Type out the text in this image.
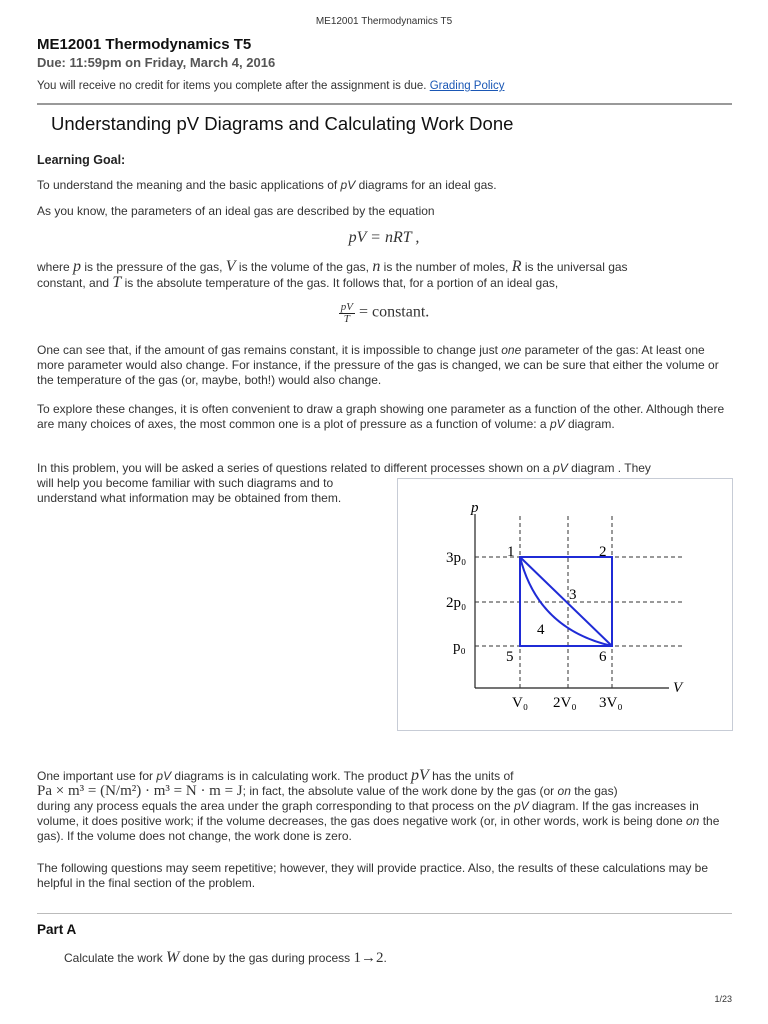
ME12001 Thermodynamics T5
ME12001 Thermodynamics T5
Due: 11:59pm on Friday, March 4, 2016
You will receive no credit for items you complete after the assignment is due. Grading Policy
Understanding pV Diagrams and Calculating Work Done
Learning Goal:
To understand the meaning and the basic applications of pV diagrams for an ideal gas.
As you know, the parameters of an ideal gas are described by the equation
pV = nRT ,
where p is the pressure of the gas, V is the volume of the gas, n is the number of moles, R is the universal gas
constant, and T is the absolute temperature of the gas. It follows that, for a portion of an ideal gas,
$\frac{pV}{T}$ = constant.
One can see that, if the amount of gas remains constant, it is impossible to change just one parameter of the gas: At least one more parameter would also change. For instance, if the pressure of the gas is changed, we can be sure that either the volume or the temperature of the gas (or, maybe, both!) would also change.
To explore these changes, it is often convenient to draw a graph showing one parameter as a function of the other. Although there are many choices of axes, the most common one is a plot of pressure as a function of volume: a pV diagram.
In this problem, you will be asked a series of questions related to different processes shown on a pV diagram . They
will help you become familiar with such diagrams and to
understand what information may be obtained from them.
p
V
3p₀
2p₀
p₀
V₀ 2V₀ 3V₀
1	2
3
4
5	6
One important use for pV diagrams is in calculating work. The product pV has the units of
Pa × m³ = (N/m²) · m³ = N · m = J; in fact, the absolute value of the work done by the gas (or on the gas)
during any process equals the area under the graph corresponding to that process on the pV diagram. If the gas increases in volume, it does positive work; if the volume decreases, the gas does negative work (or, in other words, work is being done on the gas). If the volume does not change, the work done is zero.
The following questions may seem repetitive; however, they will provide practice. Also, the results of these calculations may be helpful in the final section of the problem.
Part A
Calculate the work W done by the gas during process 1→2.
1/23
